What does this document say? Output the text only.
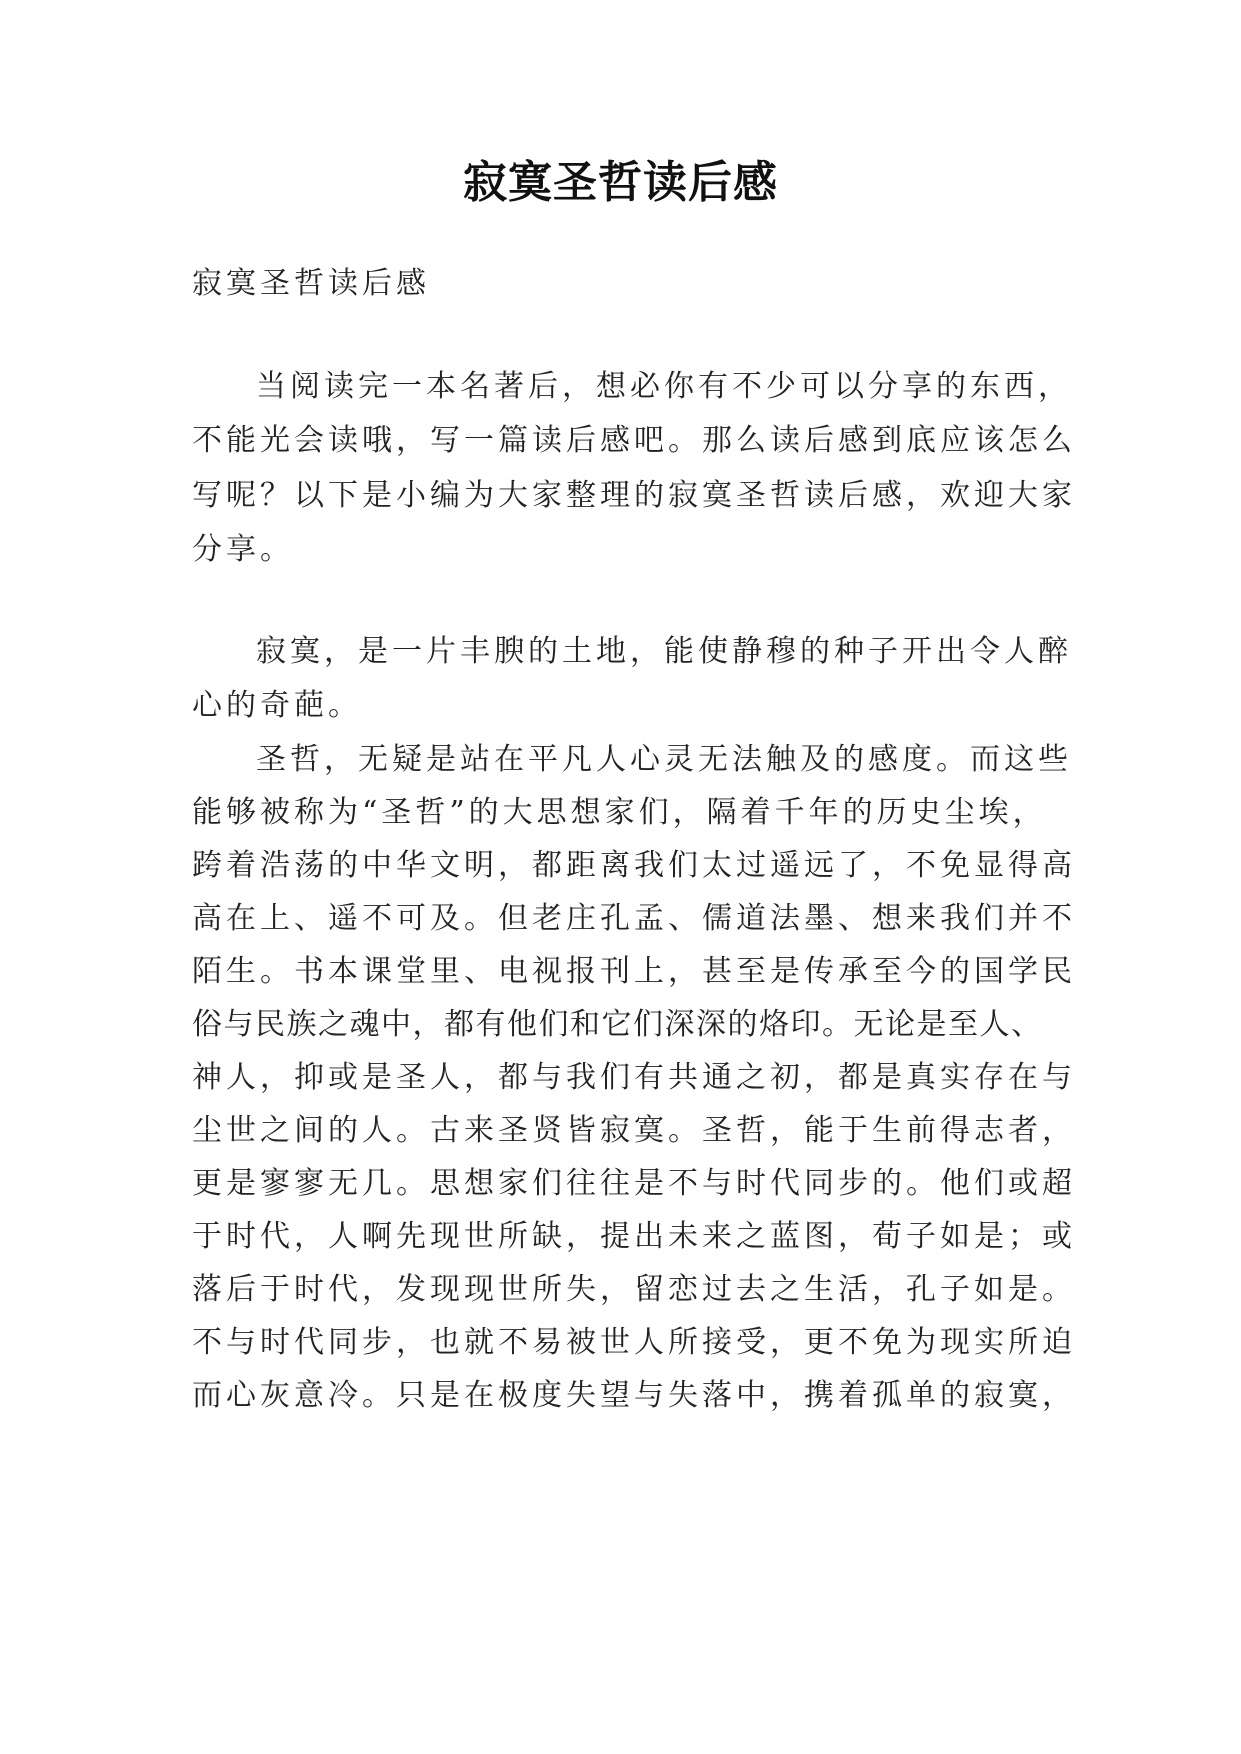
寂寞圣哲读后感
寂寞圣哲读后感
当阅读完一本名著后，想必你有不少可以分享的东西，
不能光会读哦，写一篇读后感吧。那么读后感到底应该怎么
写呢？以下是小编为大家整理的寂寞圣哲读后感，欢迎大家
分享。
寂寞，是一片丰腴的土地，能使静穆的种子开出令人醉
心的奇葩。
圣哲，无疑是站在平凡人心灵无法触及的感度。而这些
能够被称为“圣哲”的大思想家们，隔着千年的历史尘埃，
跨着浩荡的中华文明，都距离我们太过遥远了，不免显得高
高在上、遥不可及。但老庄孔孟、儒道法墨、想来我们并不
陌生。书本课堂里、电视报刊上，甚至是传承至今的国学民
俗与民族之魂中，都有他们和它们深深的烙印。无论是至人、
神人，抑或是圣人，都与我们有共通之初，都是真实存在与
尘世之间的人。古来圣贤皆寂寞。圣哲，能于生前得志者，
更是寥寥无几。思想家们往往是不与时代同步的。他们或超
于时代，人啊先现世所缺，提出未来之蓝图，荀子如是；或
落后于时代，发现现世所失，留恋过去之生活，孔子如是。
不与时代同步，也就不易被世人所接受，更不免为现实所迫
而心灰意冷。只是在极度失望与失落中，携着孤单的寂寞，
